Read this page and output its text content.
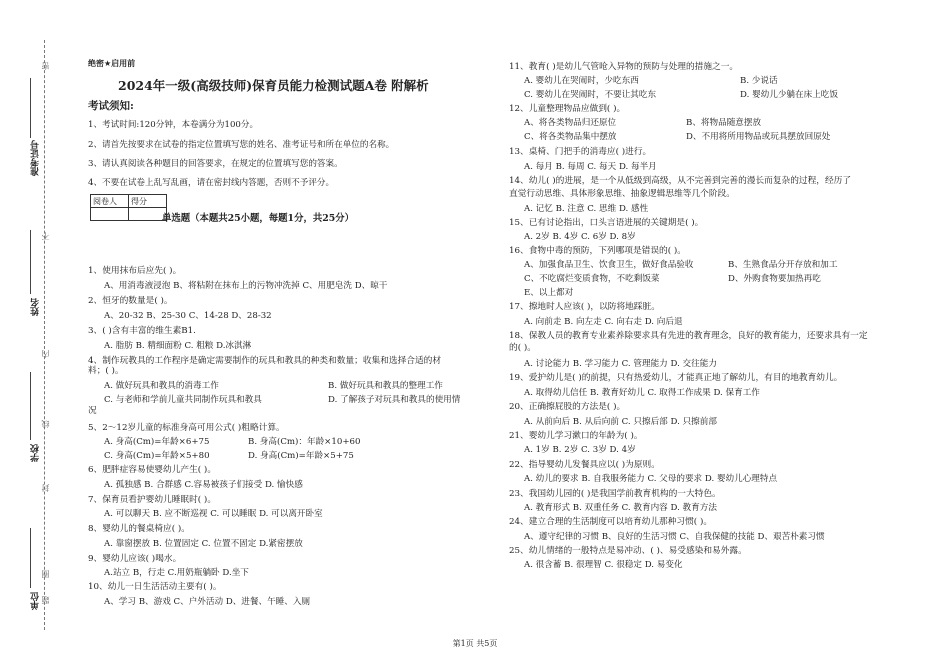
准考证号
姓名
学校
单位
密
不
内
线
封
题
圈
绝密★启用前
2024年一级(高级技师)保育员能力检测试题A卷 附解析
考试须知:
1、考试时间:120分钟，本卷满分为100分。
2、请首先按要求在试卷的指定位置填写您的姓名、准考证号和所在单位的名称。
3、请认真阅读各种题目的回答要求，在规定的位置填写您的答案。
4、不要在试卷上乱写乱画，请在密封线内答题，否则不予评分。
阅卷人	得分

单选题（本题共25小题，每题1分，共25分）
1、使用抹布后应先( )。
A、用消毒液浸泡 B、将粘附在抹布上的污物冲洗掉 C、用肥皂洗 D、晾干
2、恒牙的数量是( )。
A、20-32 B、25-30 C、14-28 D、28-32
3、( )含有丰富的维生素B1.
A. 脂肪 B. 精细面粉 C. 粗粮 D.冰淇淋
4、制作玩教具的工作程序是确定需要制作的玩具和教具的种类和数量；收集和选择合适的材
料；( )。
A. 做好玩具和教具的消毒工作	B. 做好玩具和教具的整理工作
C. 与老师和学前儿童共同制作玩具和教具	D. 了解孩子对玩具和教具的使用情
况
5、2～12岁儿童的标准身高可用公式( )粗略计算。
A. 身高(Cm)=年龄×6+75	B. 身高(Cm)：年龄×10+60
C. 身高(Cm)=年龄×5+80	D. 身高(Cm)=年龄×5+75
6、肥胖症容易使婴幼儿产生( )。
A. 孤独感 B. 合群感 C.容易被孩子们接受 D. 愉快感
7、保育员看护婴幼儿睡眠时( )。
A. 可以聊天 B. 应不断巡视 C. 可以睡眠 D. 可以离开卧室
8、婴幼儿的餐桌椅应( )。
A. 靠窗摆放 B. 位置固定 C. 位置不固定 D.紧密摆放
9、婴幼儿应该( )喝水。
A.站立 B，行走 C.用奶瓶躺卧 D.坐下
10、幼儿一日生活活动主要有( )。
A、学习 B、游戏 C、户外活动 D、进餐、午睡、入厕
11、教育( )是幼儿气管呛入异物的预防与处理的措施之一。
A. 婴幼儿在哭闹时，少吃东西	B. 少说话
C. 婴幼儿在哭闹时，不要让其吃东	D. 婴幼儿少躺在床上吃饭
12、儿童整理物品应做到( )。
A、将各类物品归还原位	B、将物品随意摆放
C、将各类物品集中摆放	D、不用将所用物品或玩具摆放回原处
13、桌椅、门把手的消毒应( )进行。
A. 每月 B. 每周 C. 每天 D. 每半月
14、幼儿( )的进展，是一个从低级到高级，从不完善到完善的漫长而复杂的过程，经历了
直觉行动思维、具体形象思维、抽象逻辑思维等几个阶段。
A. 记忆 B. 注意 C. 思维 D. 感性
15、已有讨论指出，口头言语进展的关键期是( )。
A. 2岁 B. 4岁 C. 6岁 D. 8岁
16、食物中毒的预防，下列哪项是错误的( )。
A、加强食品卫生、饮食卫生，做好食品验收	B、生熟食品分开存放和加工
C、不吃腐烂变质食物，不吃剩饭菜	D、外购食物要加热再吃
E、以上都对
17、擦地时人应该( )，以防将地踩脏。
A. 向前走 B. 向左走 C. 向右走 D. 向后退
18、保教人员的教育专业素养除要求具有先进的教育理念，良好的教育能力，还要求具有一定
的( )。
A. 讨论能力 B. 学习能力 C. 管理能力 D. 交往能力
19、爱护幼儿是( )的前提，只有热爱幼儿，才能真正地了解幼儿，有目的地教育幼儿。
A. 取得幼儿信任 B. 教育好幼儿 C. 取得工作成果 D. 保育工作
20、正确擦屁股的方法是( )。
A. 从前向后 B. 从后向前 C. 只擦后部 D. 只擦前部
21、婴幼儿学习漱口的年龄为( )。
A. 1岁 B. 2岁 C. 3岁 D. 4岁
22、指导婴幼儿发餐具应以( )为原则。
A. 幼儿的要求 B. 自我服务能力 C. 父母的要求 D. 婴幼儿心理特点
23、我国幼儿园的( )是我国学前教育机构的一大特色。
A. 教育形式 B. 双重任务 C. 教育内容 D. 教育方法
24、建立合理的生活制度可以培育幼儿那种习惯( )。
A、遵守纪律的习惯 B、良好的生活习惯 C、自我保健的技能 D、艰苦朴素习惯
25、幼儿情绪的一般特点是易冲动、( )、易受感染和易外露。
A. 很含蓄 B. 很理智 C. 很稳定 D. 易变化
第1页 共5页
